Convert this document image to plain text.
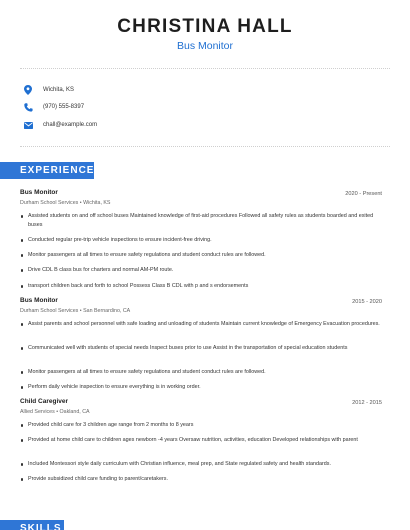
CHRISTINA HALL
Bus Monitor
Wichita, KS
(970) 555-8397
chall@example.com
EXPERIENCE
Bus Monitor	2020 - Present
Durham School Services • Wichita, KS
Assisted students on and off school buses Maintained knowledge of first-aid procedures Followed all safety rules as students boarded and exited buses
Conducted regular pre-trip vehicle inspections to ensure incident-free driving.
Monitor passengers at all times to ensure safety regulations and student conduct rules are followed.
Drive CDL B class bus for charters and normal AM-PM route.
transport children back and forth to school Possess Class B CDL with p and s endorsements
Bus Monitor	2015 - 2020
Durham School Services • San Bernardino, CA
Assist parents and school personnel with safe loading and unloading of students Maintain current knowledge of Emergency Evacuation procedures.
Communicated well with students of special needs Inspect buses prior to use Assist in the transportation of special education students
Monitor passengers at all times to ensure safety regulations and student conduct rules are followed.
Perform daily vehicle inspection to ensure everything is in working order.
Child Caregiver	2012 - 2015
Allied Services • Oakland, CA
Provided child care for 3 children age range from 2 months to 8 years
Provided at home child care to children ages newborn -4 years Oversaw nutrition, activities, education Developed relationships with parent
Included Montessori style daily curriculum with Christian influence, meal prep, and State regulated safety and health standards.
Provide subsidized child care funding to parent/caretakers.
SKILLS
